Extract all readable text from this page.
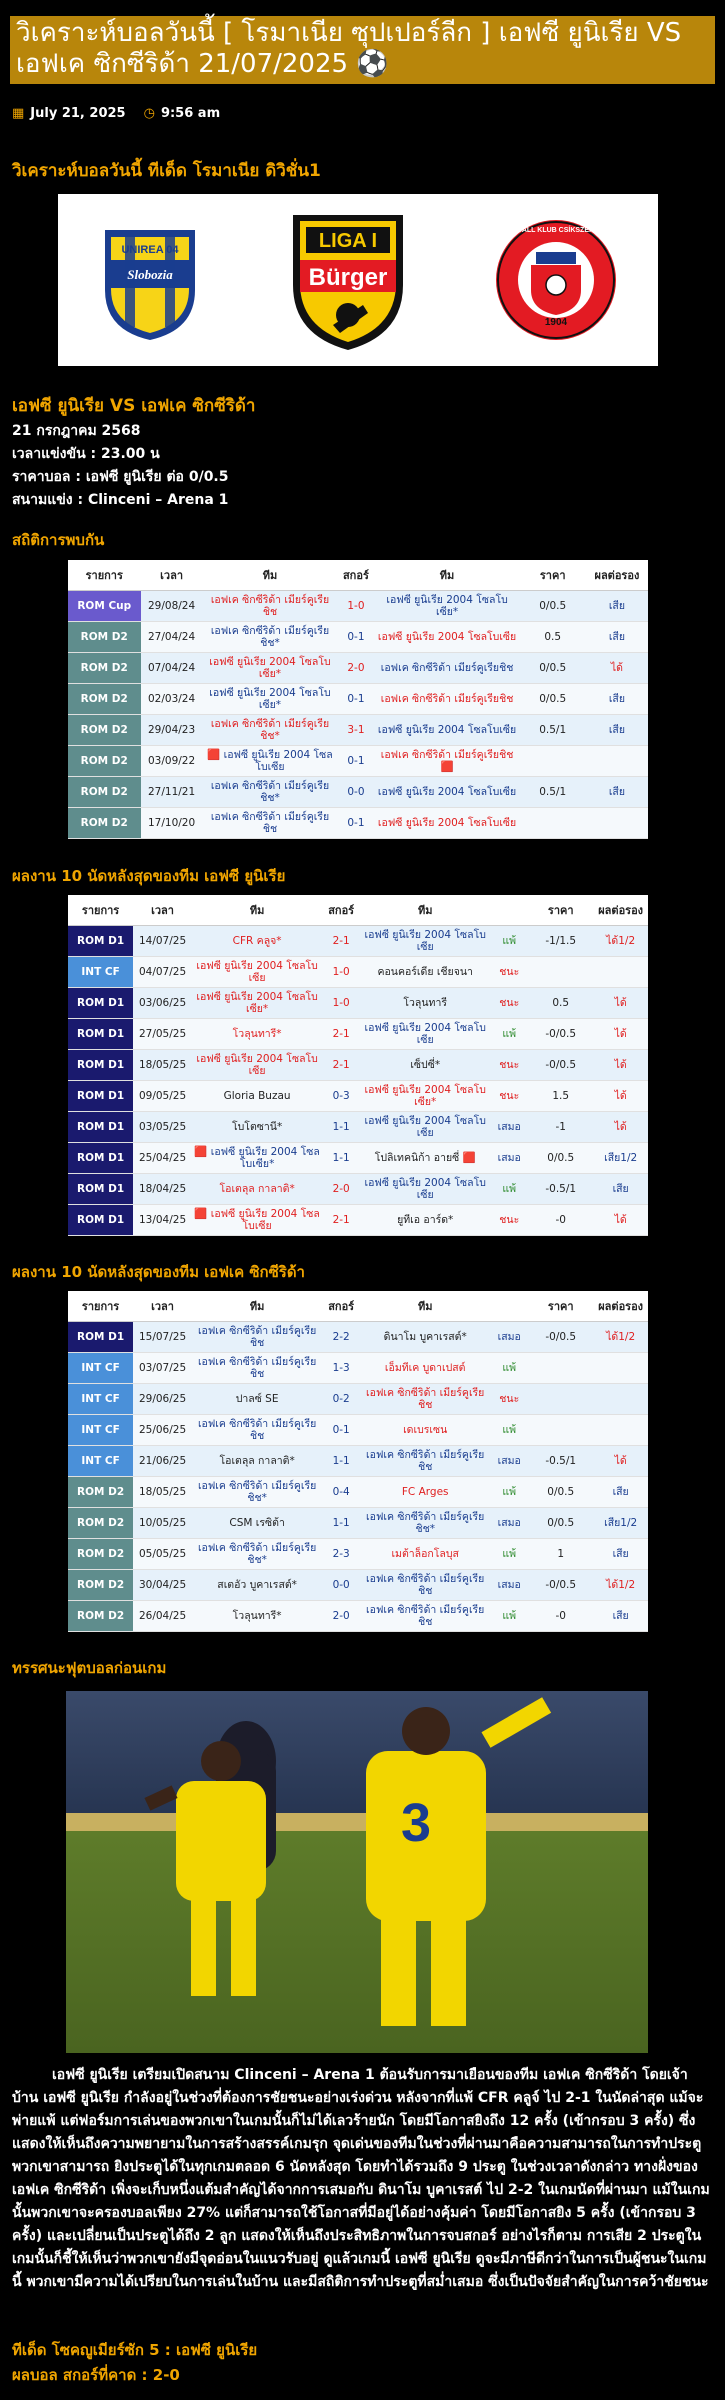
วิเคราะห์บอลวันนี้ [ โรมาเนีย ซุปเปอร์ลีก ] เอฟซี ยูนิเรีย VS เอฟเค ซิกซีริด้า 21/07/2025 ⚽
▦ July 21, 2025 ◷ 9:56 am
วิเคราะห์บอลวันนี้ ทีเด็ด โรมาเนีย ดิวิชั่น1
UNIREA 04
Slobozia
LIGA I
Bürger
1904
FUTBALL KLUB CSÍKSZEREDA
เอฟซี ยูนิเรีย VS เอฟเค ซิกซีริด้า
21 กรกฎาคม 2568
เวลาแข่งขัน : 23.00 น
ราคาบอล : เอฟซี ยูนิเรีย ต่อ 0/0.5
สนามแข่ง : Clinceni – Arena 1
สถิติการพบกัน
รายการ	เวลา	ทีม	สกอร์	ทีม	ราคา	ผลต่อรอง
ROM Cup	29/08/24	เอฟเค ซิกซีริด้า เมียร์คูเรีย ชิช	1-0	เอฟซี ยูนิเรีย 2004 โซลโบเซีย*	0/0.5	เสีย
ROM D2	27/04/24	เอฟเค ซิกซีริด้า เมียร์คูเรียชิช*	0-1	เอฟซี ยูนิเรีย 2004 โซลโบเซีย	0.5	เสีย
ROM D2	07/04/24	เอฟซี ยูนิเรีย 2004 โซลโบเซีย*	2-0	เอฟเค ซิกซีริด้า เมียร์คูเรียชิช	0/0.5	ได้
ROM D2	02/03/24	เอฟซี ยูนิเรีย 2004 โซลโบเซีย*	0-1	เอฟเค ซิกซีริด้า เมียร์คูเรียชิช	0/0.5	เสีย
ROM D2	29/04/23	เอฟเค ซิกซีริด้า เมียร์คูเรียชิช*	3-1	เอฟซี ยูนิเรีย 2004 โซลโบเซีย	0.5/1	เสีย
ROM D2	03/09/22	🟥 เอฟซี ยูนิเรีย 2004 โซลโบเซีย	0-1	เอฟเค ซิกซีริด้า เมียร์คูเรียชิช 🟥		
ROM D2	27/11/21	เอฟเค ซิกซีริด้า เมียร์คูเรียชิช*	0-0	เอฟซี ยูนิเรีย 2004 โซลโบเซีย	0.5/1	เสีย
ROM D2	17/10/20	เอฟเค ซิกซีริด้า เมียร์คูเรียชิช	0-1	เอฟซี ยูนิเรีย 2004 โซลโบเซีย		
ผลงาน 10 นัดหลังสุดของทีม เอฟซี ยูนิเรีย
รายการ	เวลา	ทีม	สกอร์	ทีม		ราคา	ผลต่อรอง
ROM D1	14/07/25	CFR คลูจ*	2-1	เอฟซี ยูนิเรีย 2004 โซลโบเซีย	แพ้	-1/1.5	ได้1/2
INT CF	04/07/25	เอฟซี ยูนิเรีย 2004 โซลโบเซีย	1-0	คอนคอร์เดีย เชียจนา	ชนะ		
ROM D1	03/06/25	เอฟซี ยูนิเรีย 2004 โซลโบเซีย*	1-0	โวลุนทารี	ชนะ	0.5	ได้
ROM D1	27/05/25	โวลุนทารี*	2-1	เอฟซี ยูนิเรีย 2004 โซลโบเซีย	แพ้	-0/0.5	ได้
ROM D1	18/05/25	เอฟซี ยูนิเรีย 2004 โซลโบเซีย	2-1	เซ็ปซี่*	ชนะ	-0/0.5	ได้
ROM D1	09/05/25	Gloria Buzau	0-3	เอฟซี ยูนิเรีย 2004 โซลโบเซีย*	ชนะ	1.5	ได้
ROM D1	03/05/25	โบโตซานี*	1-1	เอฟซี ยูนิเรีย 2004 โซลโบเซีย	เสมอ	-1	ได้
ROM D1	25/04/25	🟥 เอฟซี ยูนิเรีย 2004 โซลโบเซีย*	1-1	โปลิเทคนิก้า อายซี่ 🟥	เสมอ	0/0.5	เสีย1/2
ROM D1	18/04/25	โอเตลุล กาลาติ*	2-0	เอฟซี ยูนิเรีย 2004 โซลโบเซีย	แพ้	-0.5/1	เสีย
ROM D1	13/04/25	🟥 เอฟซี ยูนิเรีย 2004 โซลโบเซีย	2-1	ยูทีเอ อาร์ด*	ชนะ	-0	ได้
ผลงาน 10 นัดหลังสุดของทีม เอฟเค ซิกซีริด้า
รายการ	เวลา	ทีม	สกอร์	ทีม		ราคา	ผลต่อรอง
ROM D1	15/07/25	เอฟเค ซิกซีริด้า เมียร์คูเรียชิช	2-2	ดินาโม บูคาเรสต์*	เสมอ	-0/0.5	ได้1/2
INT CF	03/07/25	เอฟเค ซิกซีริด้า เมียร์คูเรียชิช	1-3	เอ็มทีเค บูดาเปสต์	แพ้		
INT CF	29/06/25	ปาลซ์ SE	0-2	เอฟเค ซิกซีริด้า เมียร์คูเรียชิช	ชนะ		
INT CF	25/06/25	เอฟเค ซิกซีริด้า เมียร์คูเรียชิช	0-1	เดเบรเซน	แพ้		
INT CF	21/06/25	โอเตลุล กาลาติ*	1-1	เอฟเค ซิกซีริด้า เมียร์คูเรียชิช	เสมอ	-0.5/1	ได้
ROM D2	18/05/25	เอฟเค ซิกซีริด้า เมียร์คูเรียชิช*	0-4	FC Arges	แพ้	0/0.5	เสีย
ROM D2	10/05/25	CSM เรซิต้า	1-1	เอฟเค ซิกซีริด้า เมียร์คูเรียชิช*	เสมอ	0/0.5	เสีย1/2
ROM D2	05/05/25	เอฟเค ซิกซีริด้า เมียร์คูเรียชิช*	2-3	เมต้าล็อกโลบุส	แพ้	1	เสีย
ROM D2	30/04/25	สเตอัว บูคาเรสต์*	0-0	เอฟเค ซิกซีริด้า เมียร์คูเรียชิช	เสมอ	-0/0.5	ได้1/2
ROM D2	26/04/25	โวลุนทารี*	2-0	เอฟเค ซิกซีริด้า เมียร์คูเรียชิช	แพ้	-0	เสีย
ทรรศนะฟุตบอลก่อนเกม
3
เอฟซี ยูนิเรีย เตรียมเปิดสนาม Clinceni – Arena 1 ต้อนรับการมาเยือนของทีม เอฟเค ซิกซีริด้า โดยเจ้าบ้าน เอฟซี ยูนิเรีย กำลังอยู่ในช่วงที่ต้องการชัยชนะอย่างเร่งด่วน หลังจากที่แพ้ CFR คลูจ์ ไป 2-1 ในนัดล่าสุด แม้จะพ่ายแพ้ แต่ฟอร์มการเล่นของพวกเขาในเกมนั้นก็ไม่ได้เลวร้ายนัก โดยมีโอกาสยิงถึง 12 ครั้ง (เข้ากรอบ 3 ครั้ง) ซึ่งแสดงให้เห็นถึงความพยายามในการสร้างสรรค์เกมรุก จุดเด่นของทีมในช่วงที่ผ่านมาคือความสามารถในการทำประตู พวกเขาสามารถ ยิงประตูได้ในทุกเกมตลอด 6 นัดหลังสุด โดยทำได้รวมถึง 9 ประตู ในช่วงเวลาดังกล่าว ทางฝั่งของ เอฟเค ซิกซีริด้า เพิ่งจะเก็บหนึ่งแต้มสำคัญได้จากการเสมอกับ ดินาโม บูคาเรสต์ ไป 2-2 ในเกมนัดที่ผ่านมา แม้ในเกมนั้นพวกเขาจะครองบอลเพียง 27% แต่ก็สามารถใช้โอกาสที่มีอยู่ได้อย่างคุ้มค่า โดยมีโอกาสยิง 5 ครั้ง (เข้ากรอบ 3 ครั้ง) และเปลี่ยนเป็นประตูได้ถึง 2 ลูก แสดงให้เห็นถึงประสิทธิภาพในการจบสกอร์ อย่างไรก็ตาม การเสีย 2 ประตูในเกมนั้นก็ชี้ให้เห็นว่าพวกเขายังมีจุดอ่อนในแนวรับอยู่ ดูแล้วเกมนี้ เอฟซี ยูนิเรีย ดูจะมีภาษีดีกว่าในการเป็นผู้ชนะในเกมนี้ พวกเขามีความได้เปรียบในการเล่นในบ้าน และมีสถิติการทำประตูที่สม่ำเสมอ ซึ่งเป็นปัจจัยสำคัญในการคว้าชัยชนะ
ทีเด็ด โซคญูเมียร์ซัก 5 : เอฟซี ยูนิเรีย
ผลบอล สกอร์ที่คาด : 2-0
